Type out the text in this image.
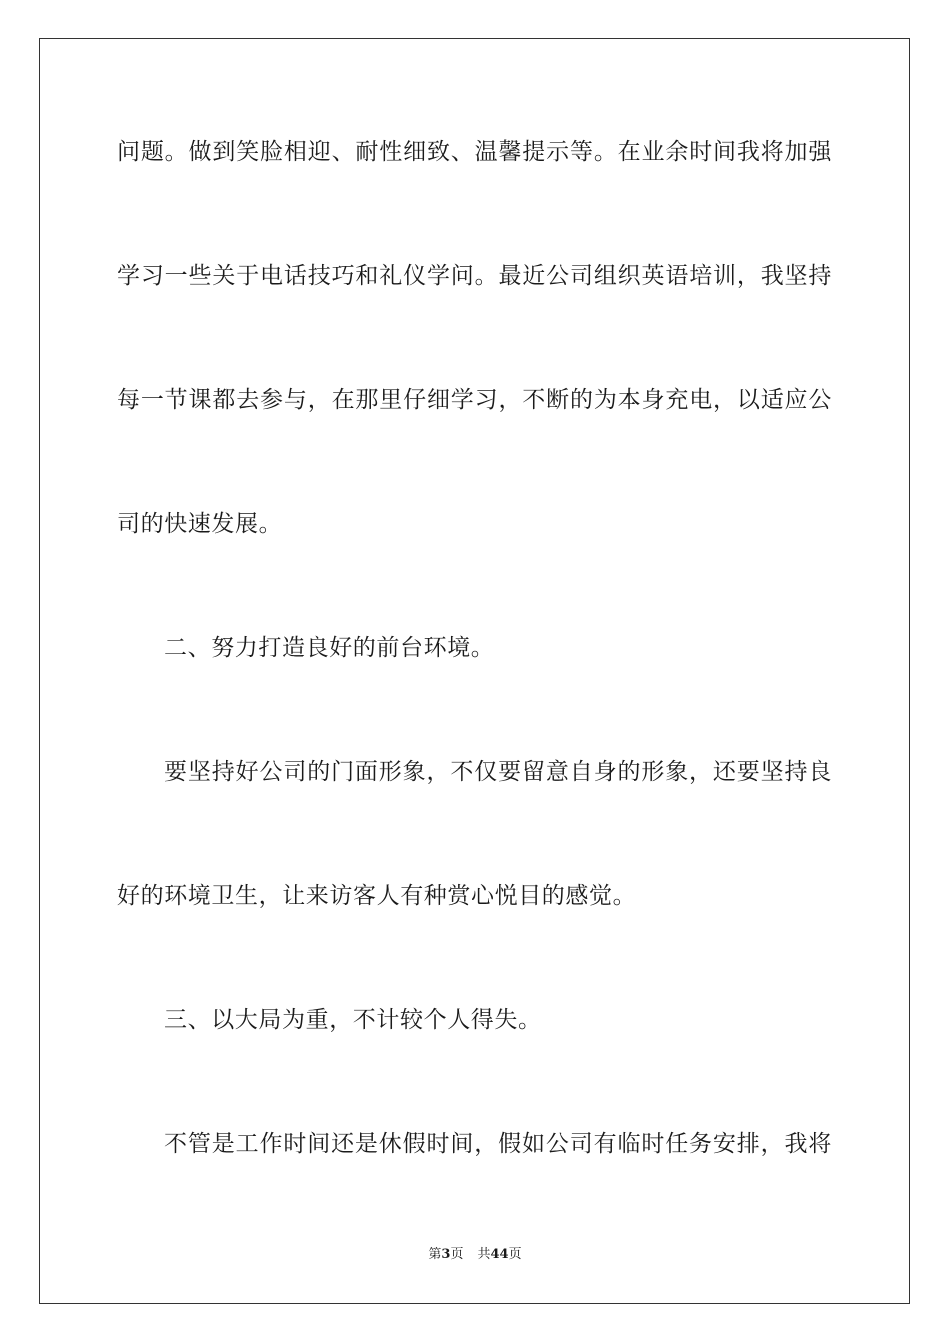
问题。做到笑脸相迎、耐性细致、温馨提示等。在业余时间我将加强
学习一些关于电话技巧和礼仪学问。最近公司组织英语培训，我坚持
每一节课都去参与，在那里仔细学习，不断的为本身充电，以适应公
司的快速发展。
二、努力打造良好的前台环境。
要坚持好公司的门面形象，不仅要留意自身的形象，还要坚持良
好的环境卫生，让来访客人有种赏心悦目的感觉。
三、以大局为重，不计较个人得失。
不管是工作时间还是休假时间，假如公司有临时任务安排，我将
第3页 共44页
